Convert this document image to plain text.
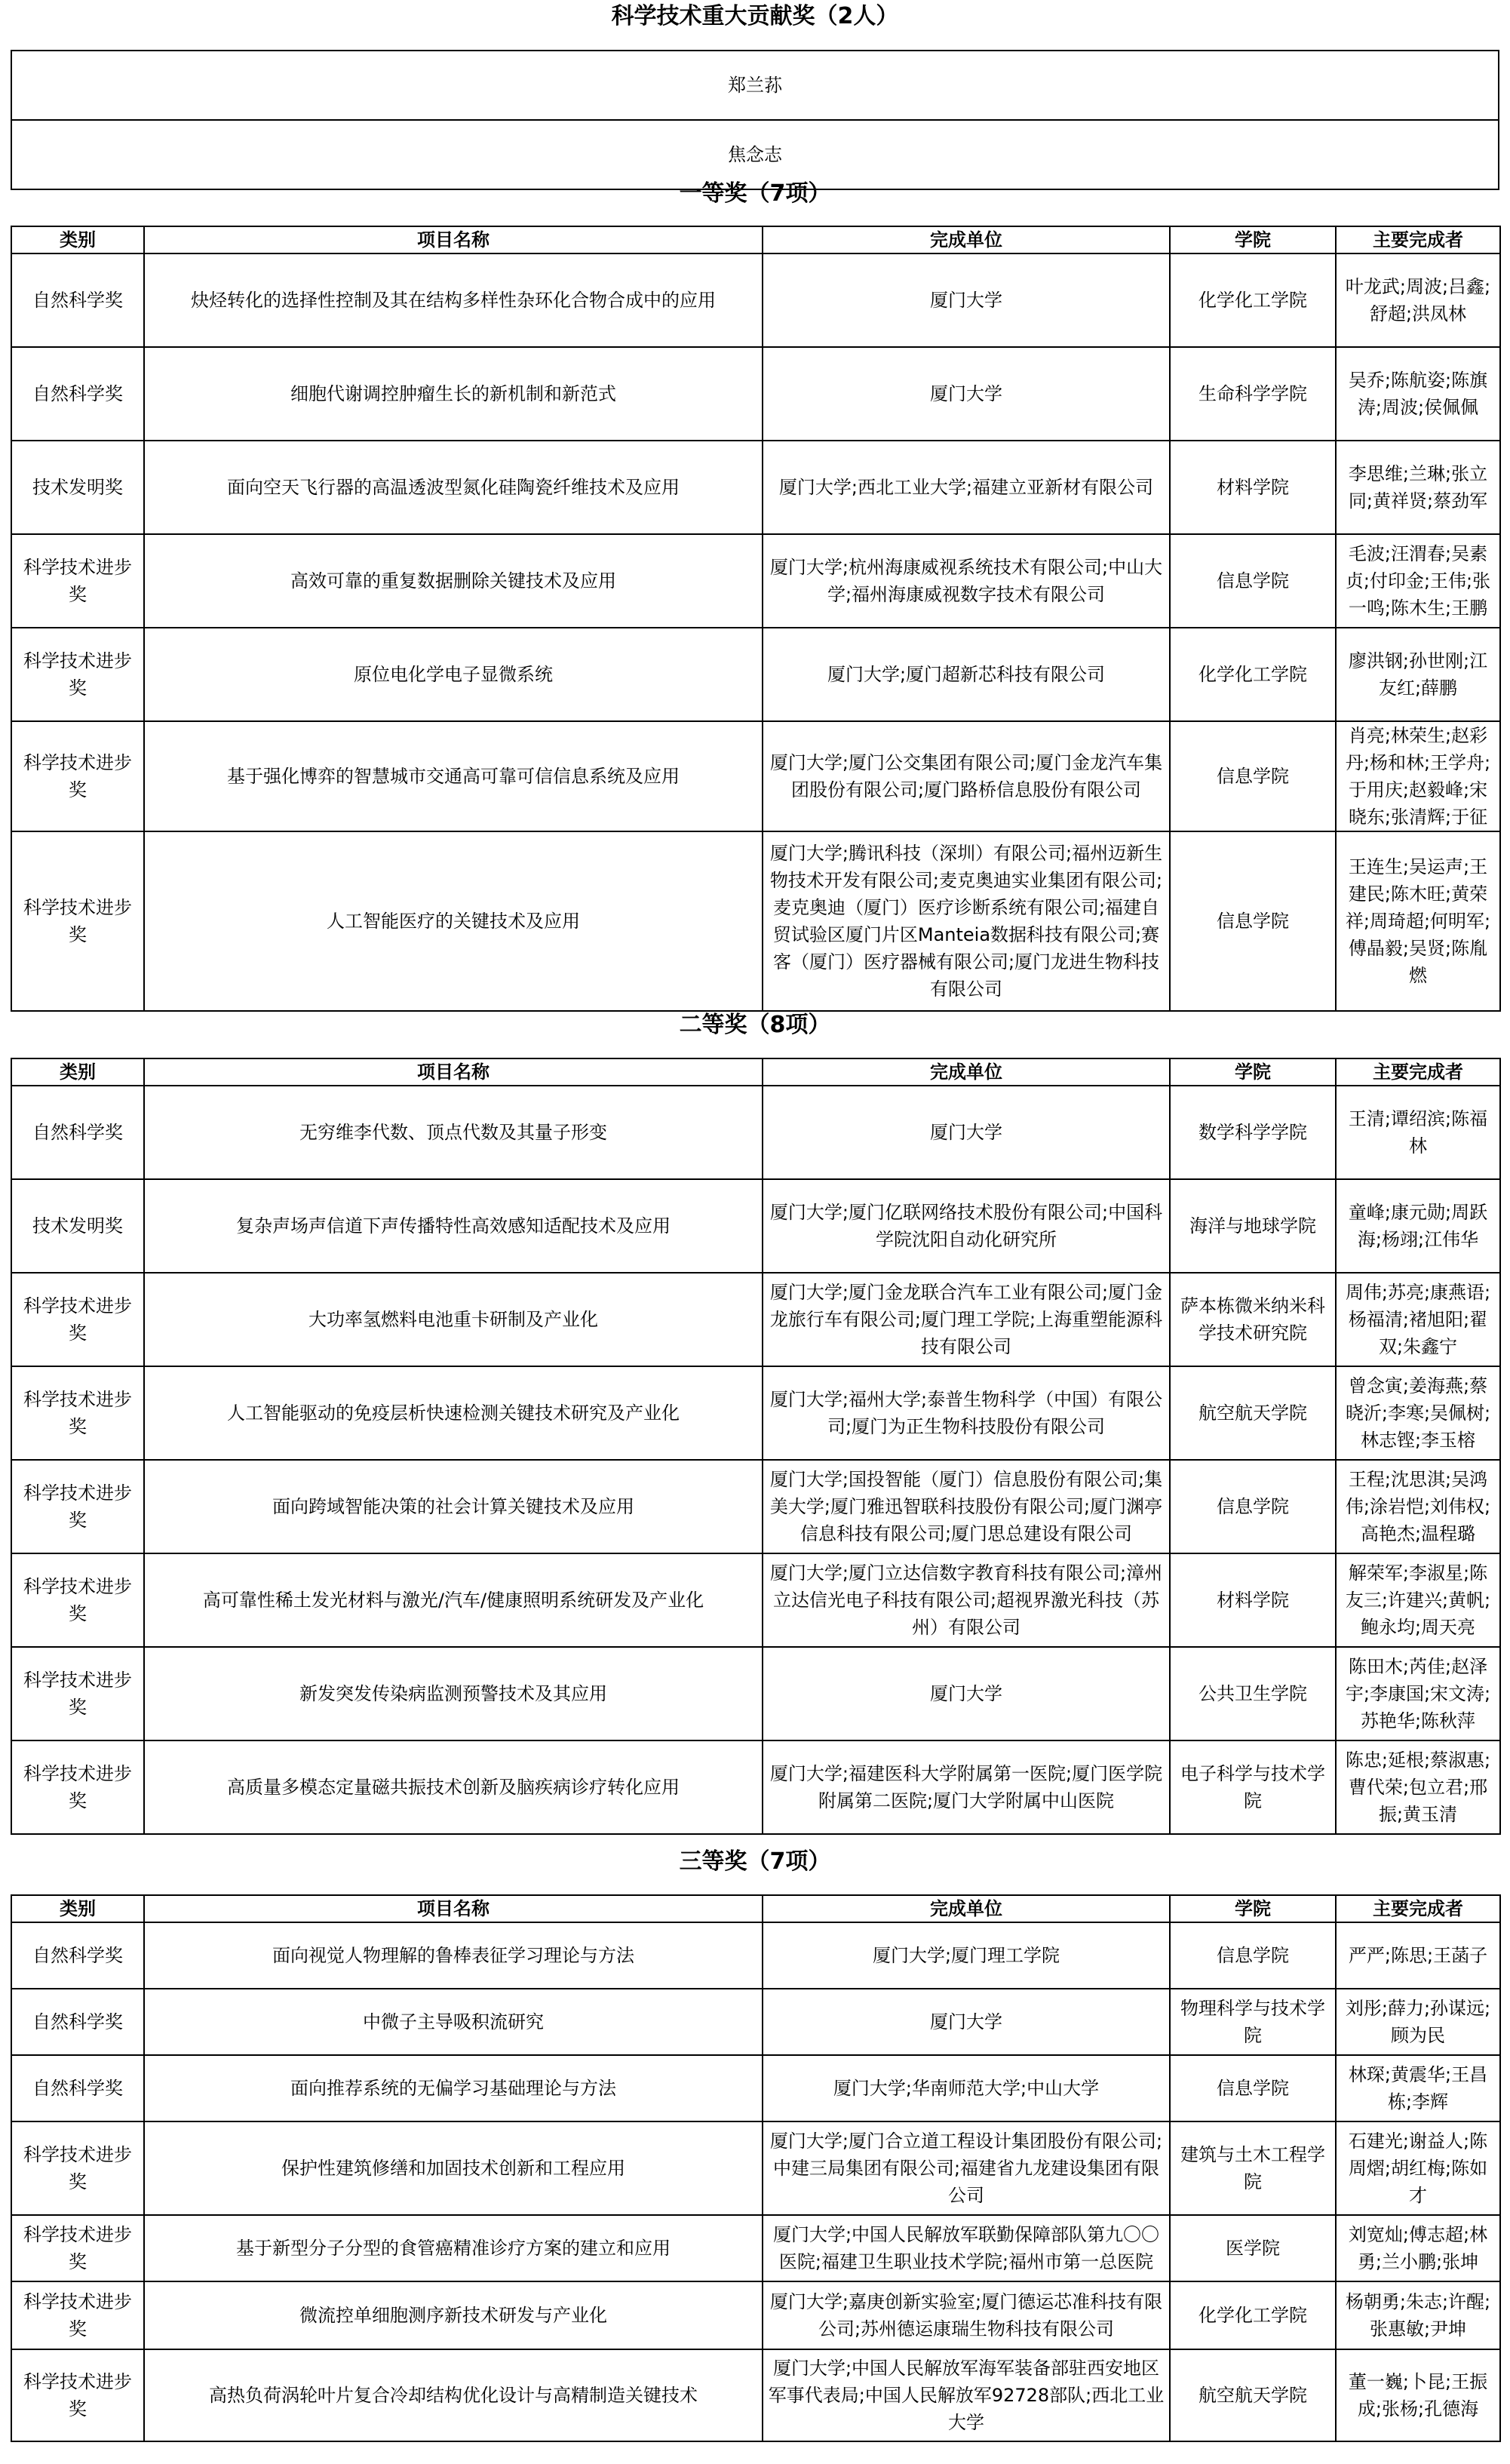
科学技术重大贡献奖（2人）
郑兰荪
焦念志
一等奖（7项）
类别	项目名称	完成单位	学院	主要完成者
自然科学奖	炔烃转化的选择性控制及其在结构多样性杂环化合物合成中的应用	厦门大学	化学化工学院	叶龙武;周波;吕鑫;舒超;洪凤林
自然科学奖	细胞代谢调控肿瘤生长的新机制和新范式	厦门大学	生命科学学院	吴乔;陈航姿;陈旗涛;周波;侯佩佩
技术发明奖	面向空天飞行器的高温透波型氮化硅陶瓷纤维技术及应用	厦门大学;西北工业大学;福建立亚新材有限公司	材料学院	李思维;兰琳;张立同;黄祥贤;蔡劲军
科学技术进步奖	高效可靠的重复数据删除关键技术及应用	厦门大学;杭州海康威视系统技术有限公司;中山大学;福州海康威视数字技术有限公司	信息学院	毛波;汪渭春;吴素贞;付印金;王伟;张一鸣;陈木生;王鹏
科学技术进步奖	原位电化学电子显微系统	厦门大学;厦门超新芯科技有限公司	化学化工学院	廖洪钢;孙世刚;江友红;薛鹏
科学技术进步奖	基于强化博弈的智慧城市交通高可靠可信信息系统及应用	厦门大学;厦门公交集团有限公司;厦门金龙汽车集团股份有限公司;厦门路桥信息股份有限公司	信息学院	肖亮;林荣生;赵彩丹;杨和林;王学舟;于用庆;赵毅峰;宋晓东;张清辉;于征
科学技术进步奖	人工智能医疗的关键技术及应用	厦门大学;腾讯科技（深圳）有限公司;福州迈新生物技术开发有限公司;麦克奥迪实业集团有限公司;麦克奥迪（厦门）医疗诊断系统有限公司;福建自贸试验区厦门片区Manteia数据科技有限公司;赛客（厦门）医疗器械有限公司;厦门龙进生物科技有限公司	信息学院	王连生;吴运声;王建民;陈木旺;黄荣祥;周琦超;何明军;傅晶毅;吴贤;陈胤燃
二等奖（8项）
类别	项目名称	完成单位	学院	主要完成者
自然科学奖	无穷维李代数、顶点代数及其量子形变	厦门大学	数学科学学院	王清;谭绍滨;陈福林
技术发明奖	复杂声场声信道下声传播特性高效感知适配技术及应用	厦门大学;厦门亿联网络技术股份有限公司;中国科学院沈阳自动化研究所	海洋与地球学院	童峰;康元勋;周跃海;杨翊;江伟华
科学技术进步奖	大功率氢燃料电池重卡研制及产业化	厦门大学;厦门金龙联合汽车工业有限公司;厦门金龙旅行车有限公司;厦门理工学院;上海重塑能源科技有限公司	萨本栋微米纳米科学技术研究院	周伟;苏亮;康燕语;杨福清;褚旭阳;翟双;朱鑫宁
科学技术进步奖	人工智能驱动的免疫层析快速检测关键技术研究及产业化	厦门大学;福州大学;泰普生物科学（中国）有限公司;厦门为正生物科技股份有限公司	航空航天学院	曾念寅;姜海燕;蔡晓沂;李寒;吴佩树;林志铿;李玉榕
科学技术进步奖	面向跨域智能决策的社会计算关键技术及应用	厦门大学;国投智能（厦门）信息股份有限公司;集美大学;厦门雅迅智联科技股份有限公司;厦门渊亭信息科技有限公司;厦门思总建设有限公司	信息学院	王程;沈思淇;吴鸿伟;涂岩恺;刘伟权;高艳杰;温程璐
科学技术进步奖	高可靠性稀土发光材料与激光/汽车/健康照明系统研发及产业化	厦门大学;厦门立达信数字教育科技有限公司;漳州立达信光电子科技有限公司;超视界激光科技（苏州）有限公司	材料学院	解荣军;李淑星;陈友三;许建兴;黄帆;鲍永均;周天亮
科学技术进步奖	新发突发传染病监测预警技术及其应用	厦门大学	公共卫生学院	陈田木;芮佳;赵泽宇;李康国;宋文涛;苏艳华;陈秋萍
科学技术进步奖	高质量多模态定量磁共振技术创新及脑疾病诊疗转化应用	厦门大学;福建医科大学附属第一医院;厦门医学院附属第二医院;厦门大学附属中山医院	电子科学与技术学院	陈忠;延根;蔡淑惠;曹代荣;包立君;邢振;黄玉清
三等奖（7项）
类别	项目名称	完成单位	学院	主要完成者
自然科学奖	面向视觉人物理解的鲁棒表征学习理论与方法	厦门大学;厦门理工学院	信息学院	严严;陈思;王菡子
自然科学奖	中微子主导吸积流研究	厦门大学	物理科学与技术学院	刘彤;薛力;孙谋远;顾为民
自然科学奖	面向推荐系统的无偏学习基础理论与方法	厦门大学;华南师范大学;中山大学	信息学院	林琛;黄震华;王昌栋;李辉
科学技术进步奖	保护性建筑修缮和加固技术创新和工程应用	厦门大学;厦门合立道工程设计集团股份有限公司;中建三局集团有限公司;福建省九龙建设集团有限公司	建筑与土木工程学院	石建光;谢益人;陈周熠;胡红梅;陈如才
科学技术进步奖	基于新型分子分型的食管癌精准诊疗方案的建立和应用	厦门大学;中国人民解放军联勤保障部队第九〇〇医院;福建卫生职业技术学院;福州市第一总医院	医学院	刘宽灿;傅志超;林勇;兰小鹏;张坤
科学技术进步奖	微流控单细胞测序新技术研发与产业化	厦门大学;嘉庚创新实验室;厦门德运芯准科技有限公司;苏州德运康瑞生物科技有限公司	化学化工学院	杨朝勇;朱志;许醒;张惠敏;尹坤
科学技术进步奖	高热负荷涡轮叶片复合冷却结构优化设计与高精制造关键技术	厦门大学;中国人民解放军海军装备部驻西安地区军事代表局;中国人民解放军92728部队;西北工业大学	航空航天学院	董一巍;卜昆;王振成;张杨;孔德海
